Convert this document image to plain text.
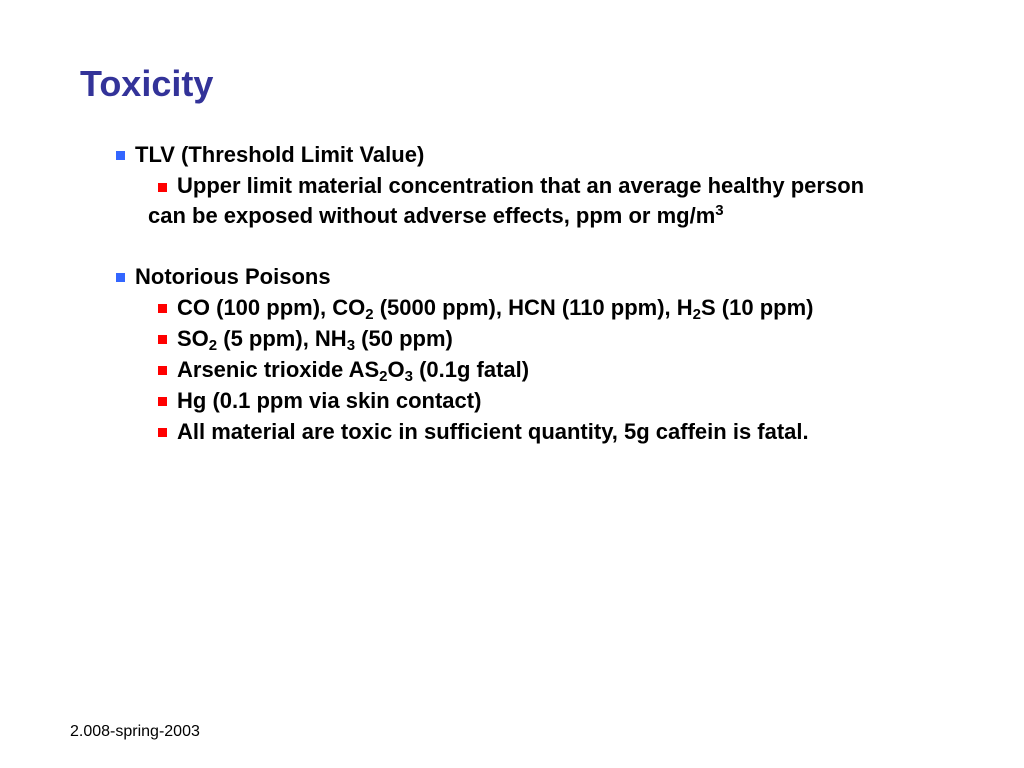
Toxicity
TLV (Threshold Limit Value)
Upper limit material concentration that an average healthy person can be exposed without adverse effects, ppm or $mg/m^3$
Notorious Poisons
CO (100 ppm), $CO_2$ (5000 ppm), HCN (110 ppm), $H_2S$ (10 ppm)
$SO_2$ (5 ppm), $NH_3$ (50 ppm)
Arsenic trioxide $AS_2O_3$ (0.1g fatal)
Hg (0.1 ppm via skin contact)
All material are toxic in sufficient quantity, 5g caffein is fatal.
2.008-spring-2003
